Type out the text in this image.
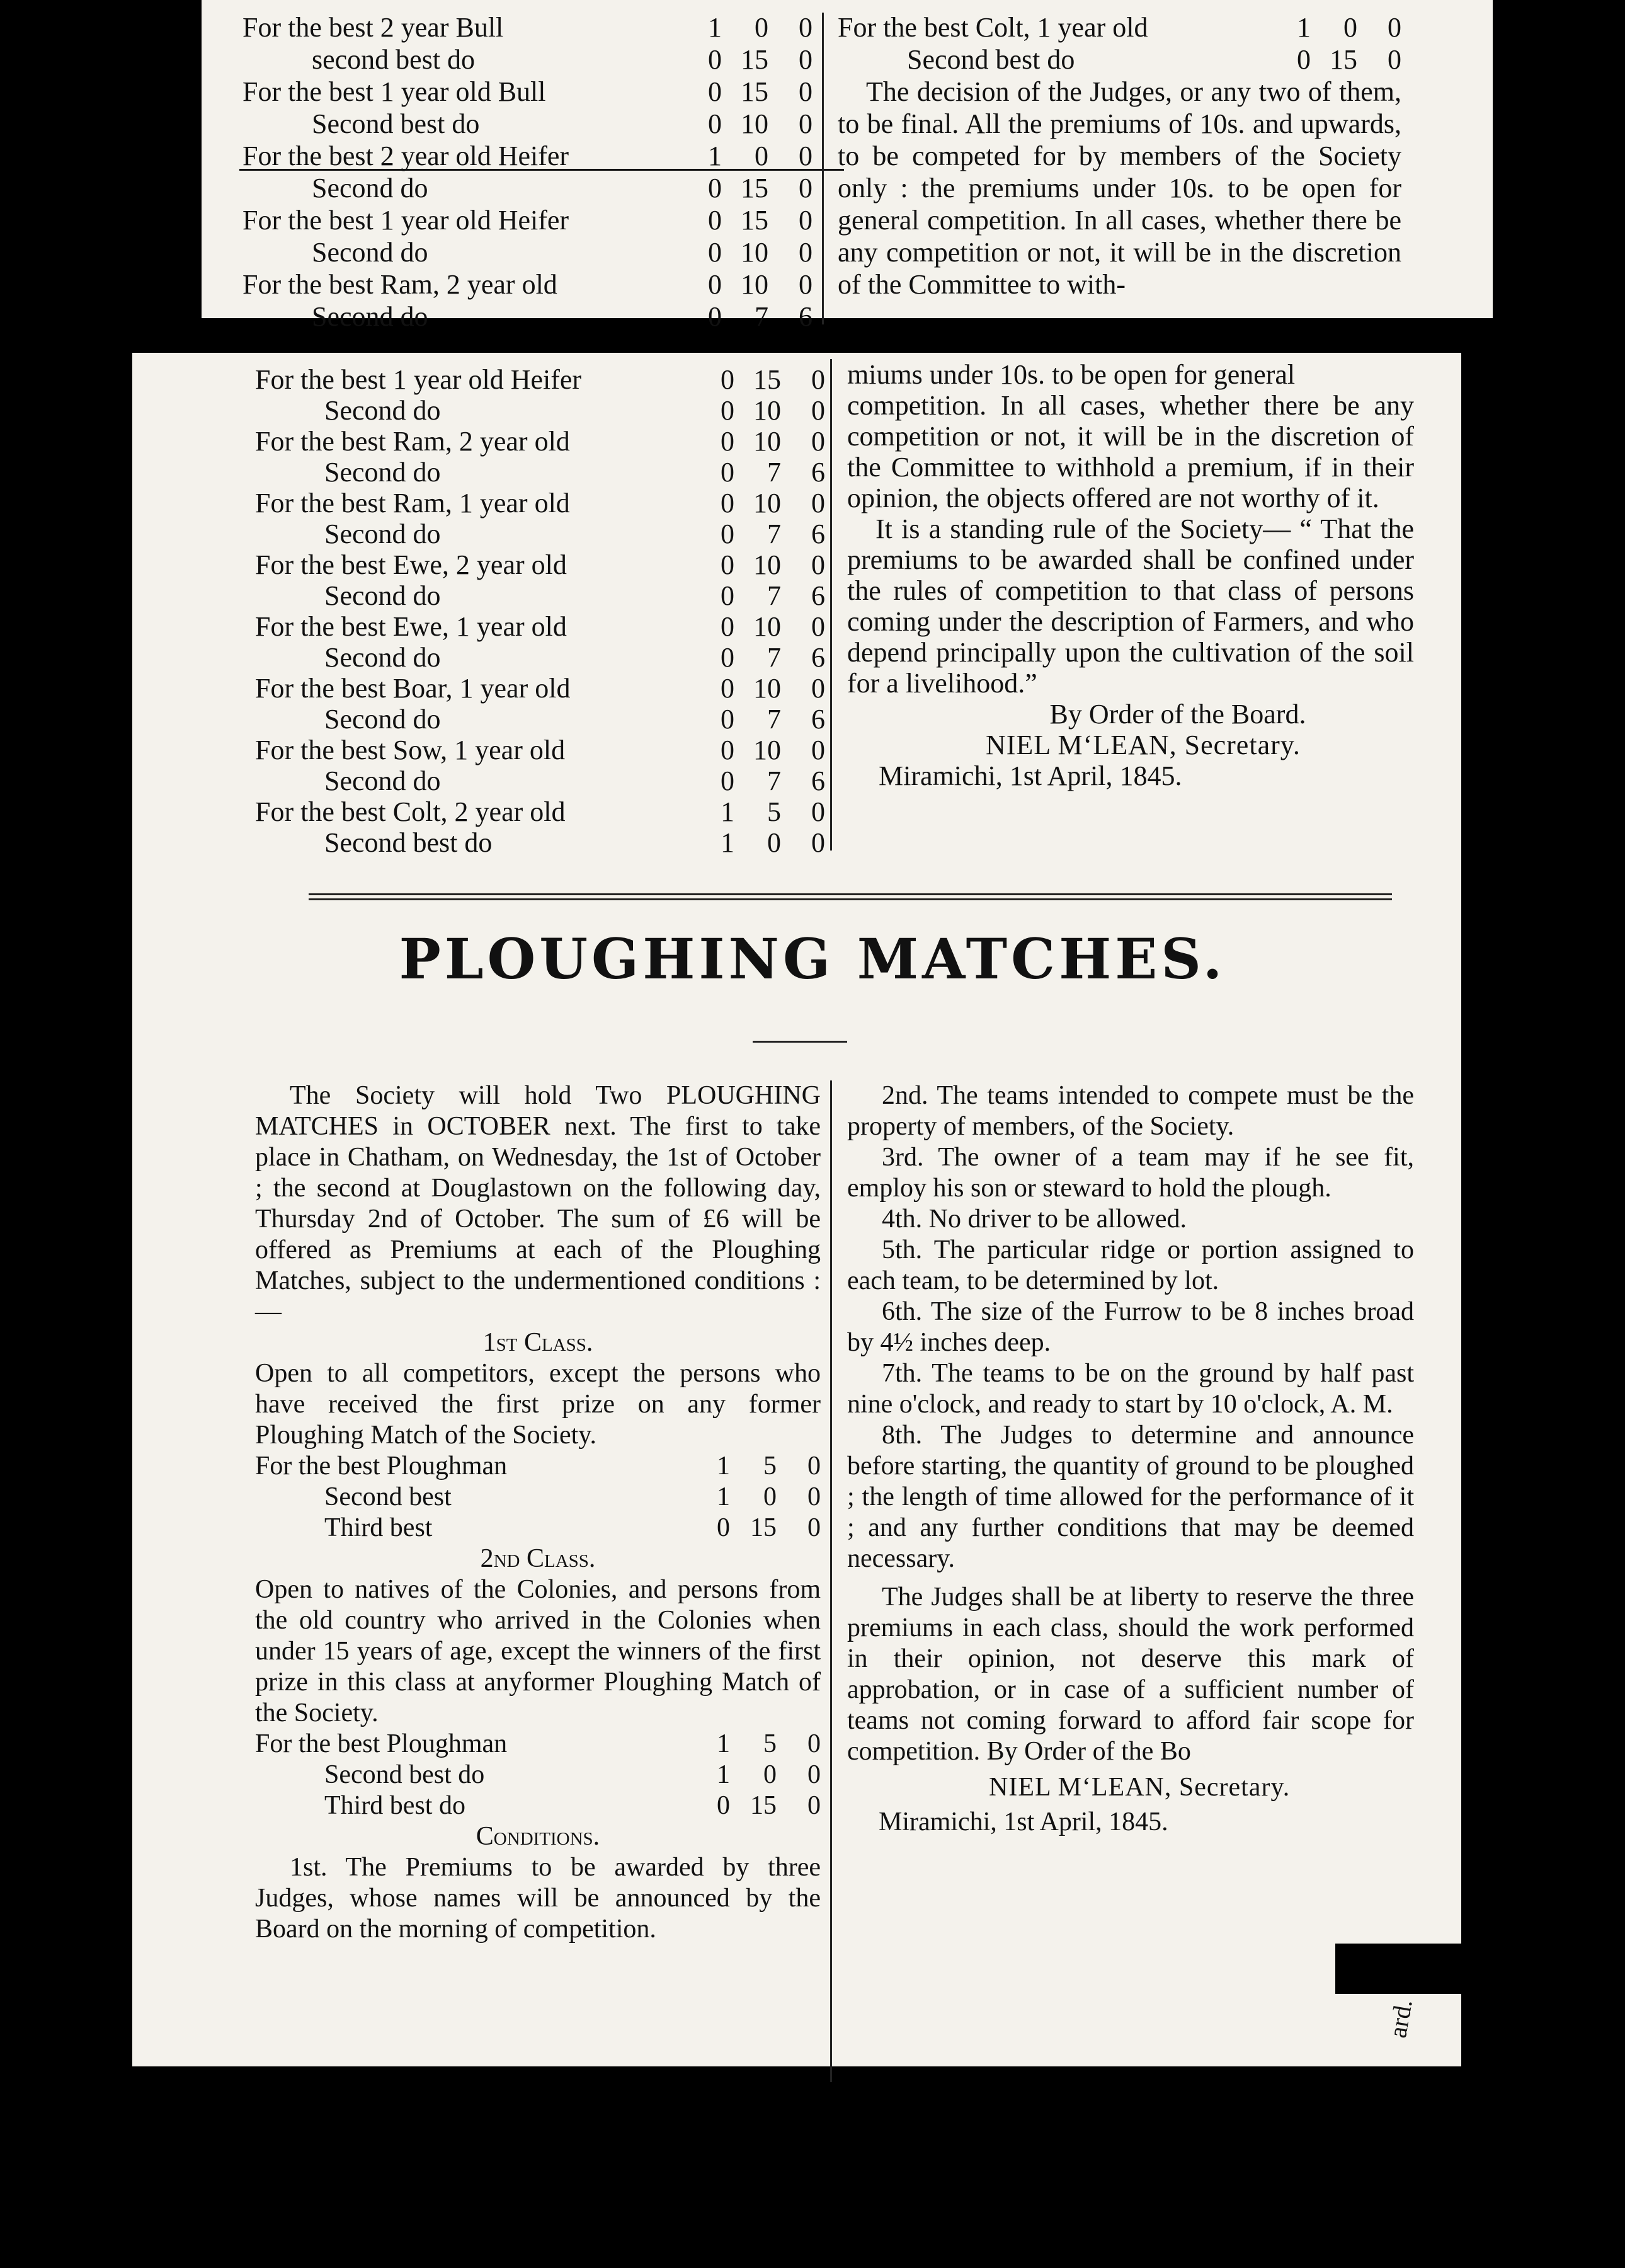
For the best 2 year Bull	1	0	0
second best do	0 15	0
For the best 1 year old Bull	0 15	0
Second best do	0 10	0
For the best 2 year old Heifer	1	0	0
Second do	0 15	0
For the best 1 year old Heifer	0 15	0
Second do	0 10	0
For the best Ram, 2 year old	0 10	0
Second do	0	7	6
For the best Colt, 1 year old	1	0	0
Second best do	0 15	0

The decision of the Judges, or any two of them, to be final. All the premiums of 10s. and upwards, to be competed for by members of the Society only : the premiums under 10s. to be open for general competition. In all cases, whether there be any competition or not, it will be in the discretion of the Committee to with-

For the best 1 year old Heifer	0 15	0
Second do	0 10	0
For the best Ram, 2 year old	0 10	0
Second do	0	7	6
For the best Ram, 1 year old	0 10	0
Second do	0	7	6
For the best Ewe, 2 year old	0 10	0
Second do	0	7	6
For the best Ewe, 1 year old	0 10	0
Second do	0	7	6
For the best Boar, 1 year old	0 10	0
Second do	0	7	6
For the best Sow, 1 year old	0 10	0
Second do	0	7	6
For the best Colt, 2 year old	1	5	0
Second best do	1	0	0
miums under 10s. to be open for general

competition. In all cases, whether there be any competition or not, it will be in the discretion of the Committee to withhold a premium, if in their opinion, the objects offered are not worthy of it.

It is a standing rule of the Society— “ That the premiums to be awarded shall be confined under the rules of competition to that class of persons coming under the description of Farmers, and who depend principally upon the cultivation of the soil for a livelihood.”

By Order of the Board.
NIEL M‘LEAN, Secretary.
Miramichi, 1st April, 1845.
PLOUGHING MATCHES.

The Society will hold Two PLOUGHING MATCHES in OCTOBER next. The first to take place in Chatham, on Wednesday, the 1st of October ; the second at Douglastown on the following day, Thursday 2nd of October. The sum of £6 will be offered as Premiums at each of the Ploughing Matches, subject to the undermentioned conditions :—

1st Class.

Open to all competitors, except the persons who have received the first prize on any former Ploughing Match of the Society.

For the best Ploughman	1	5	0
Second best	1	0	0
Third best	0 15	0
2nd Class.

Open to natives of the Colonies, and persons from the old country who arrived in the Colonies when under 15 years of age, except the winners of the first prize in this class at anyformer Ploughing Match of the Society.

For the best Ploughman	1	5	0
Second best do	1	0	0
Third best do	0 15	0
Conditions.

1st. The Premiums to be awarded by three Judges, whose names will be announced by the Board on the morning of competition.

2nd. The teams intended to compete must be the property of members, of the Society.

3rd. The owner of a team may if he see fit, employ his son or steward to hold the plough.

4th. No driver to be allowed.

5th. The particular ridge or portion assigned to each team, to be determined by lot.

6th. The size of the Furrow to be 8 inches broad by 4½ inches deep.

7th. The teams to be on the ground by half past nine o'clock, and ready to start by 10 o'clock, A. M.

8th. The Judges to determine and announce before starting, the quantity of ground to be ploughed ; the length of time allowed for the performance of it ; and any further conditions that may be deemed necessary.

The Judges shall be at liberty to reserve the three premiums in each class, should the work performed in their opinion, not deserve this mark of approbation, or in case of a sufficient number of teams not coming forward to afford fair scope for competition. By Order of the Bo

NIEL M‘LEAN, Secretary.
Miramichi, 1st April, 1845.
ard.
